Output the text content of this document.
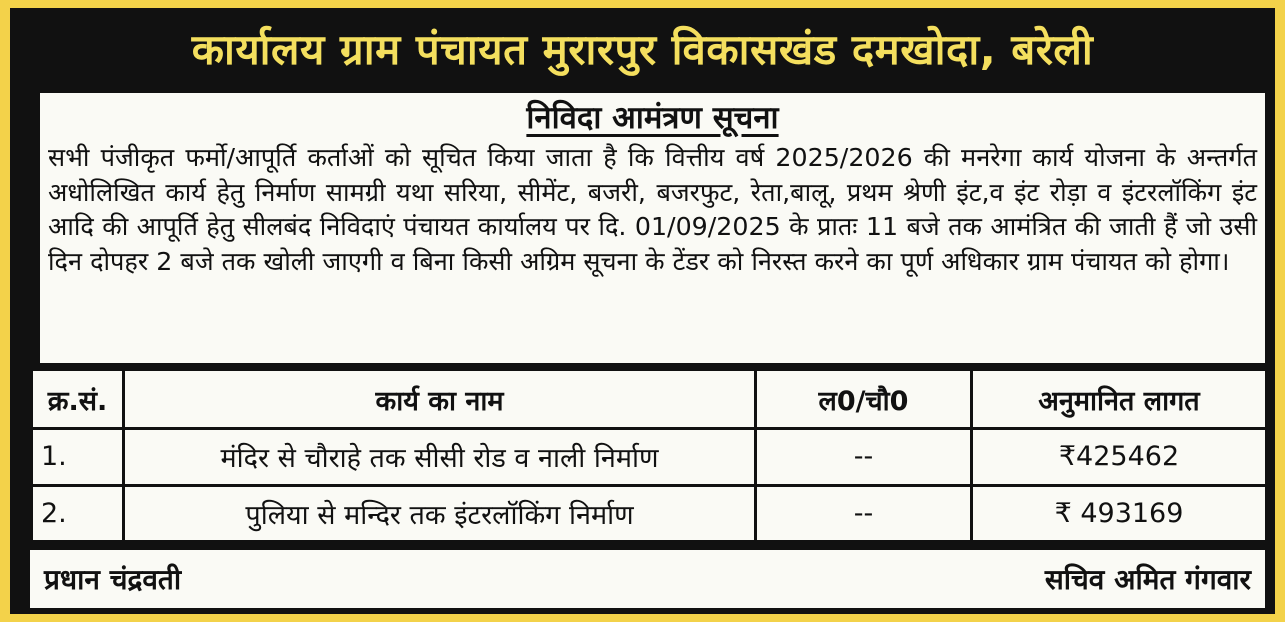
कार्यालय ग्राम पंचायत मुरारपुर विकासखंड दमखोदा, बरेली
निविदा आमंत्रण सूचना
सभी पंजीकृत फर्मो/आपूर्ति कर्ताओं को सूचित किया जाता है कि वित्तीय वर्ष 2025/2026 की मनरेगा कार्य योजना के अन्तर्गत अधोलिखित कार्य हेतु निर्माण सामग्री यथा सरिया, सीमेंट, बजरी, बजरफुट, रेता,बालू, प्रथम श्रेणी इंट,व इंट रोड़ा व इंटरलॉकिंग इंट आदि की आपूर्ति हेतु सीलबंद निविदाएं पंचायत कार्यालय पर दि. 01/09/2025 के प्रातः 11 बजे तक आमंत्रित की जाती हैं जो उसी दिन दोपहर 2 बजे तक खोली जाएगी व बिना किसी अग्रिम सूचना के टेंडर को निरस्त करने का पूर्ण अधिकार ग्राम पंचायत को होगा।
क्र.सं.	कार्य का नाम	ल0/चौ0	अनुमानित लागत
1.	मंदिर से चौराहे तक सीसी रोड व नाली निर्माण	--	₹425462
2.	पुलिया से मन्दिर तक इंटरलॉकिंग निर्माण	--	₹ 493169
प्रधान चंद्रवती	सचिव अमित गंगवार
